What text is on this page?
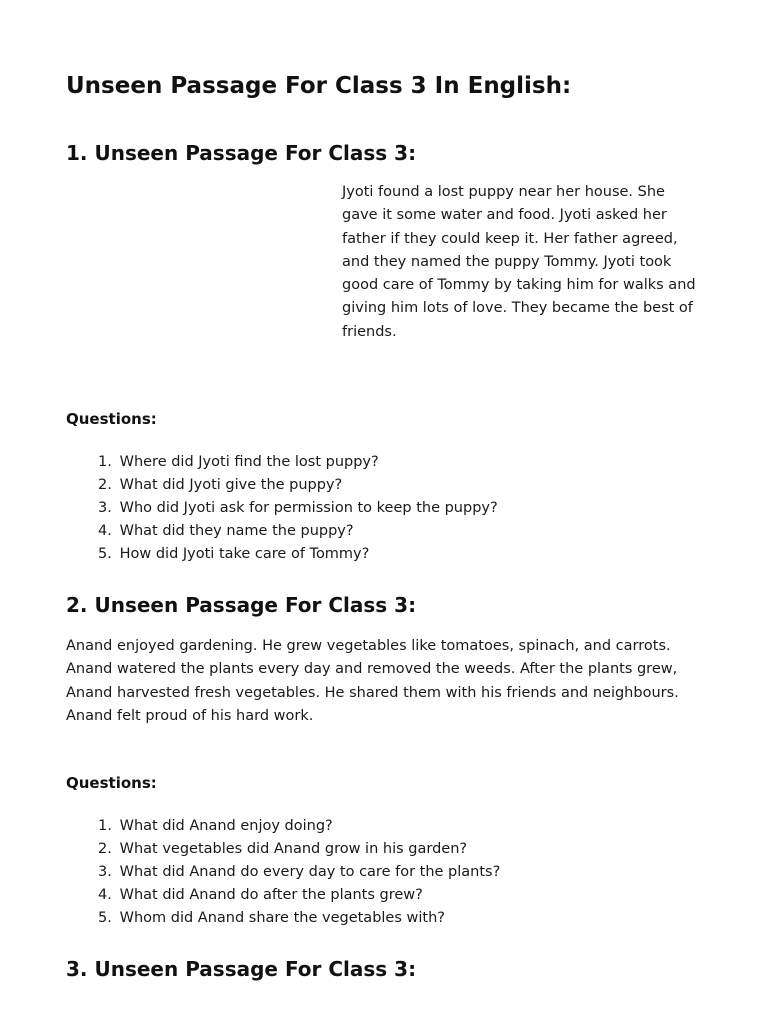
Unseen Passage For Class 3 In English:
1. Unseen Passage For Class 3:

Jyoti found a lost puppy near her house. She gave it some water and food. Jyoti asked her father if they could keep it. Her father agreed, and they named the puppy Tommy. Jyoti took good care of Tommy by taking him for walks and giving him lots of love. They became the best of friends.

Questions:
1. Where did Jyoti find the lost puppy?
2. What did Jyoti give the puppy?
3. Who did Jyoti ask for permission to keep the puppy?
4. What did they name the puppy?
5. How did Jyoti take care of Tommy?
2. Unseen Passage For Class 3:

Anand enjoyed gardening. He grew vegetables like tomatoes, spinach, and carrots. Anand watered the plants every day and removed the weeds. After the plants grew, Anand harvested fresh vegetables. He shared them with his friends and neighbours. Anand felt proud of his hard work.

Questions:
1. What did Anand enjoy doing?
2. What vegetables did Anand grow in his garden?
3. What did Anand do every day to care for the plants?
4. What did Anand do after the plants grew?
5. Whom did Anand share the vegetables with?
3. Unseen Passage For Class 3:
